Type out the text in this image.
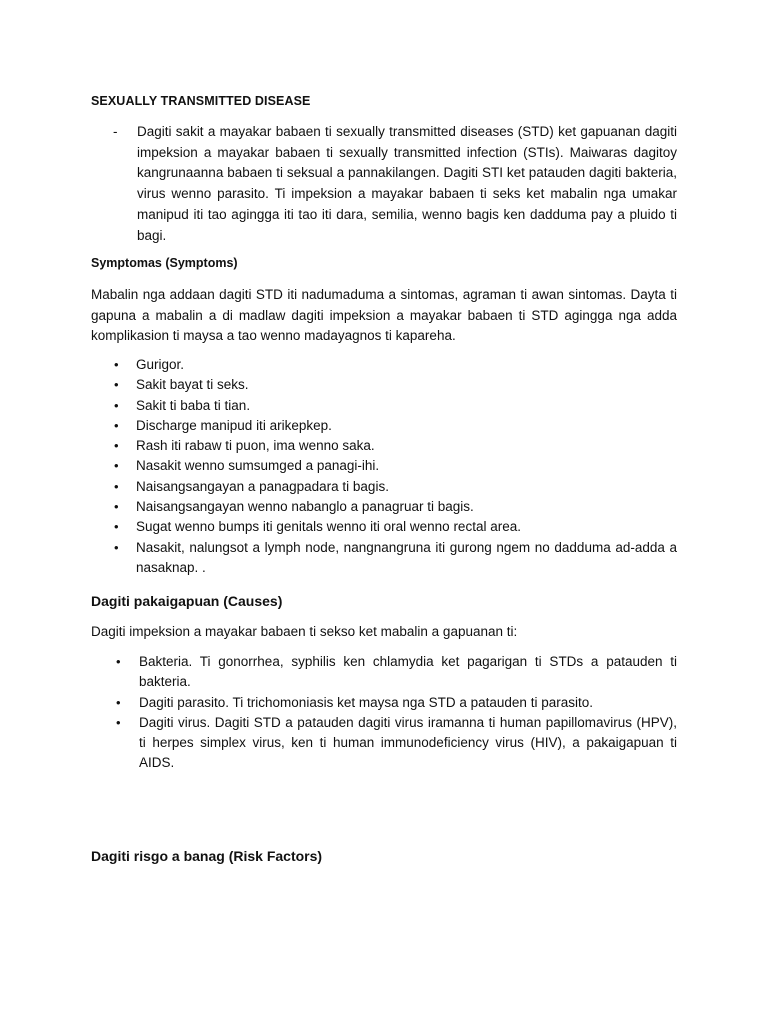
SEXUALLY TRANSMITTED DISEASE
- Dagiti sakit a mayakar babaen ti sexually transmitted diseases (STD) ket gapuanan dagiti impeksion a mayakar babaen ti sexually transmitted infection (STIs). Maiwaras dagitoy kangrunaanna babaen ti seksual a pannakilangen. Dagiti STI ket patauden dagiti bakteria, virus wenno parasito. Ti impeksion a mayakar babaen ti seks ket mabalin nga umakar manipud iti tao agingga iti tao iti dara, semilia, wenno bagis ken dadduma pay a pluido ti bagi.
Symptomas (Symptoms)

Mabalin nga addaan dagiti STD iti nadumaduma a sintomas, agraman ti awan sintomas. Dayta ti gapuna a mabalin a di madlaw dagiti impeksion a mayakar babaen ti STD agingga nga adda komplikasion ti maysa a tao wenno madayagnos ti kapareha.

• Gurigor.
• Sakit bayat ti seks.
• Sakit ti baba ti tian.
• Discharge manipud iti arikepkep.
• Rash iti rabaw ti puon, ima wenno saka.
• Nasakit wenno sumsumged a panagi-ihi.
• Naisangsangayan a panagpadara ti bagis.
• Naisangsangayan wenno nabanglo a panagruar ti bagis.
• Sugat wenno bumps iti genitals wenno iti oral wenno rectal area.
• Nasakit, nalungsot a lymph node, nangnangruna iti gurong ngem no dadduma ad-adda a nasaknap. .
Dagiti pakaigapuan (Causes)

Dagiti impeksion a mayakar babaen ti sekso ket mabalin a gapuanan ti:

• Bakteria. Ti gonorrhea, syphilis ken chlamydia ket pagarigan ti STDs a patauden ti bakteria.
• Dagiti parasito. Ti trichomoniasis ket maysa nga STD a patauden ti parasito.
• Dagiti virus. Dagiti STD a patauden dagiti virus iramanna ti human papillomavirus (HPV), ti herpes simplex virus, ken ti human immunodeficiency virus (HIV), a pakaigapuan ti AIDS.
Dagiti risgo a banag (Risk Factors)
